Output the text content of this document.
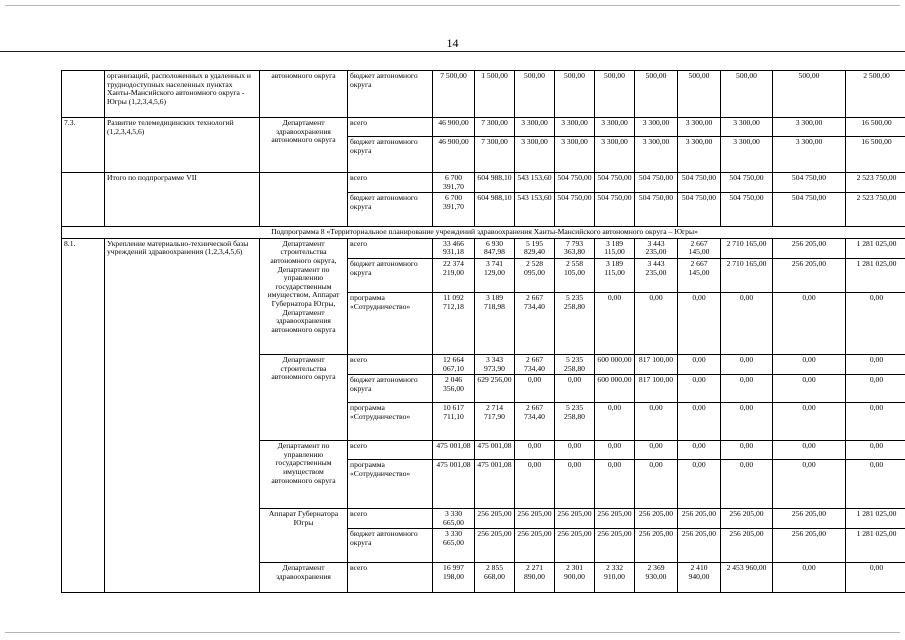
14
	организаций, расположенных в удаленных и труднодоступных населенных пунктах Ханты-Мансийского автономного округа - Югры (1,2,3,4,5,6)	автономного округа	бюджет автономного округа	7 500,00	1 500,00	500,00	500,00	500,00	500,00	500,00	500,00	500,00	2 500,00
7.3.	Развитие телемедицинских технологий (1,2,3,4,5,6)	Департамент здравоохранения автономного округа	всего	46 900,00	7 300,00	3 300,00	3 300,00	3 300,00	3 300,00	3 300,00	3 300,00	3 300,00	16 500,00
			бюджет автономного округа	46 900,00	7 300,00	3 300,00	3 300,00	3 300,00	3 300,00	3 300,00	3 300,00	3 300,00	16 500,00
	Итого по подпрограмме VII		всего	6 700 391,70	604 988,10	543 153,60	504 750,00	504 750,00	504 750,00	504 750,00	504 750,00	504 750,00	2 523 750,00
			бюджет автономного округа	6 700 391,70	604 988,10	543 153,60	504 750,00	504 750,00	504 750,00	504 750,00	504 750,00	504 750,00	2 523 750,00
Подпрограмма 8 «Территориальное планирование учреждений здравоохранения Ханты-Мансийского автономного округа – Югры»													
8.1.	Укрепление материально-технической базы учреждений здравоохранения (1,2,3,4,5,6)	Департамент строительства автономного округа, Департамент по управлению государственным имуществом, Аппарат Губернатора Югры, Департамент здравоохранения автономного округа	всего	33 466 931,18	6 930 847,98	5 195 829,40	7 793 363,80	3 189 115,00	3 443 235,00	2 667 145,00	2 710 165,00	256 205,00	1 281 025,00
			бюджет автономного округа	22 374 219,00	3 741 129,00	2 528 095,00	2 558 105,00	3 189 115,00	3 443 235,00	2 667 145,00	2 710 165,00	256 205,00	1 281 025,00
			программа «Сотрудничество»	11 092 712,18	3 189 718,98	2 667 734,40	5 235 258,80	0,00	0,00	0,00	0,00	0,00	0,00
		Департамент строительства автономного округа	всего	12 664 067,10	3 343 973,90	2 667 734,40	5 235 258,80	600 000,00	817 100,00	0,00	0,00	0,00	0,00
			бюджет автономного округа	2 046 356,00	629 256,00	0,00	0,00	600 000,00	817 100,00	0,00	0,00	0,00	0,00
			программа «Сотрудничество»	10 617 711,10	2 714 717,90	2 667 734,40	5 235 258,80	0,00	0,00	0,00	0,00	0,00	0,00
		Департамент по управлению государственным имуществом автономного округа	всего	475 001,08	475 001,08	0,00	0,00	0,00	0,00	0,00	0,00	0,00	0,00
			программа «Сотрудничество»	475 001,08	475 001,08	0,00	0,00	0,00	0,00	0,00	0,00	0,00	0,00
		Аппарат Губернатора Югры	всего	3 330 665,00	256 205,00	256 205,00	256 205,00	256 205,00	256 205,00	256 205,00	256 205,00	256 205,00	1 281 025,00
			бюджет автономного округа	3 330 665,00	256 205,00	256 205,00	256 205,00	256 205,00	256 205,00	256 205,00	256 205,00	256 205,00	1 281 025,00
		Департамент здравоохранения	всего	16 997 198,00	2 855 668,00	2 271 890,00	2 301 900,00	2 332 910,00	2 369 930,00	2 410 940,00	2 453 960,00	0,00	0,00
